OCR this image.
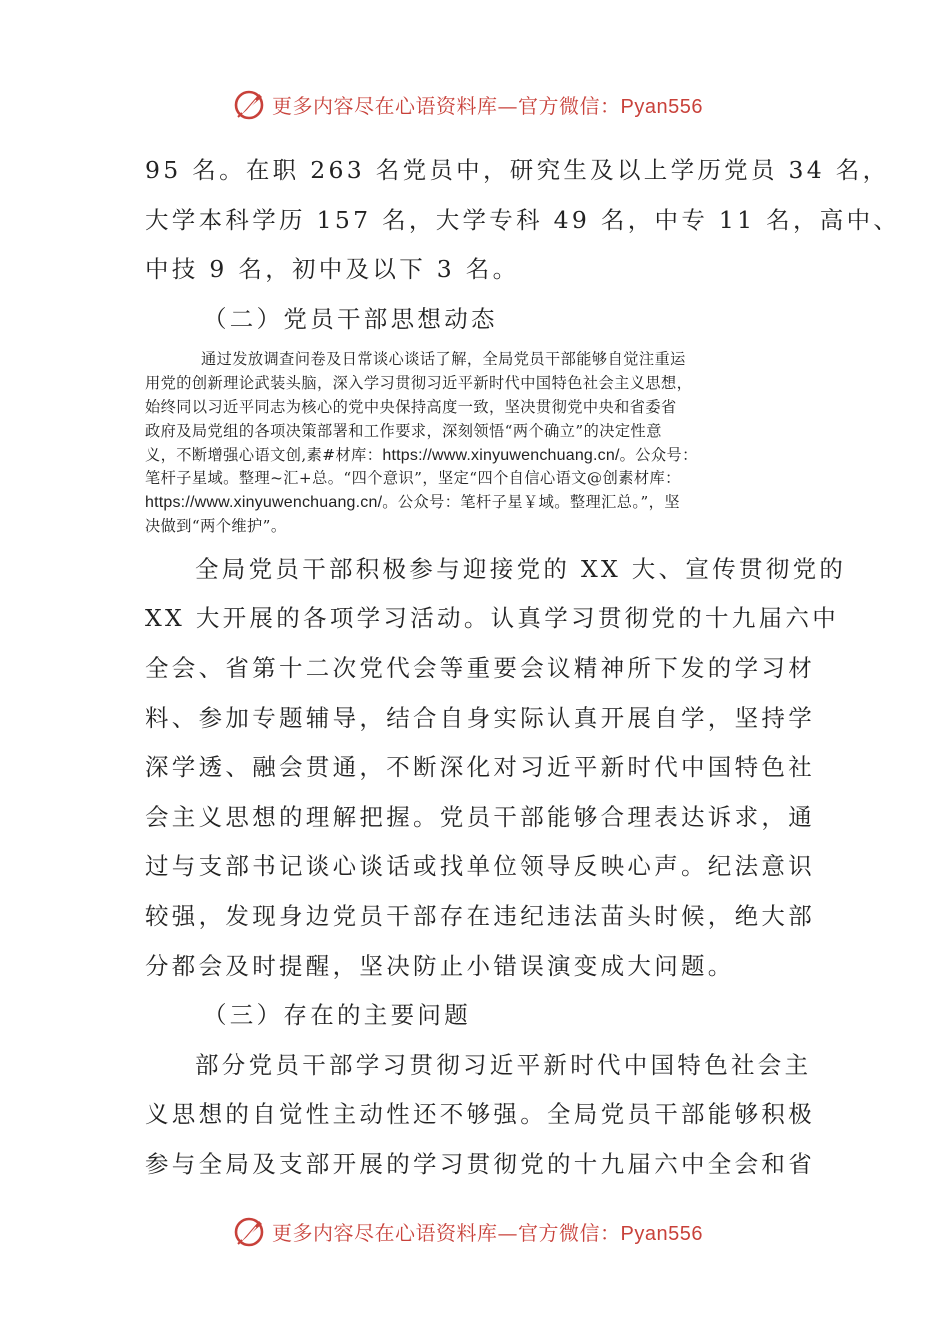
更多内容尽在心语资料库—官方微信：Pyan556

95 名。在职 263 名党员中，研究生及以上学历党员 34 名，

大学本科学历 157 名，大学专科 49 名，中专 11 名，高中、

中技 9 名，初中及以下 3 名。

（二）党员干部思想动态

通过发放调查问卷及日常谈心谈话了解，全局党员干部能够自觉注重运
用党的创新理论武装头脑，深入学习贯彻习近平新时代中国特色社会主义思想，
始终同以习近平同志为核心的党中央保持高度一致，坚决贯彻党中央和省委省
政府及局党组的各项决策部署和工作要求，深刻领悟“两个确立”的决定性意
义，不断增强心语文创,素#材库：https://www.xinyuwenchuang.cn/。公众号：
笔杆子星域。整理~汇+总。“四个意识”，坚定“四个自信心语文@创素材库：
https://www.xinyuwenchuang.cn/。公众号：笔杆子星￥域。整理汇总。”，坚
决做到“两个维护”。

全局党员干部积极参与迎接党的 XX 大、宣传贯彻党的

XX 大开展的各项学习活动。认真学习贯彻党的十九届六中

全会、省第十二次党代会等重要会议精神所下发的学习材

料、参加专题辅导，结合自身实际认真开展自学，坚持学

深学透、融会贯通，不断深化对习近平新时代中国特色社

会主义思想的理解把握。党员干部能够合理表达诉求，通

过与支部书记谈心谈话或找单位领导反映心声。纪法意识

较强，发现身边党员干部存在违纪违法苗头时候，绝大部

分都会及时提醒，坚决防止小错误演变成大问题。

（三）存在的主要问题

部分党员干部学习贯彻习近平新时代中国特色社会主

义思想的自觉性主动性还不够强。全局党员干部能够积极

参与全局及支部开展的学习贯彻党的十九届六中全会和省

更多内容尽在心语资料库—官方微信：Pyan556
